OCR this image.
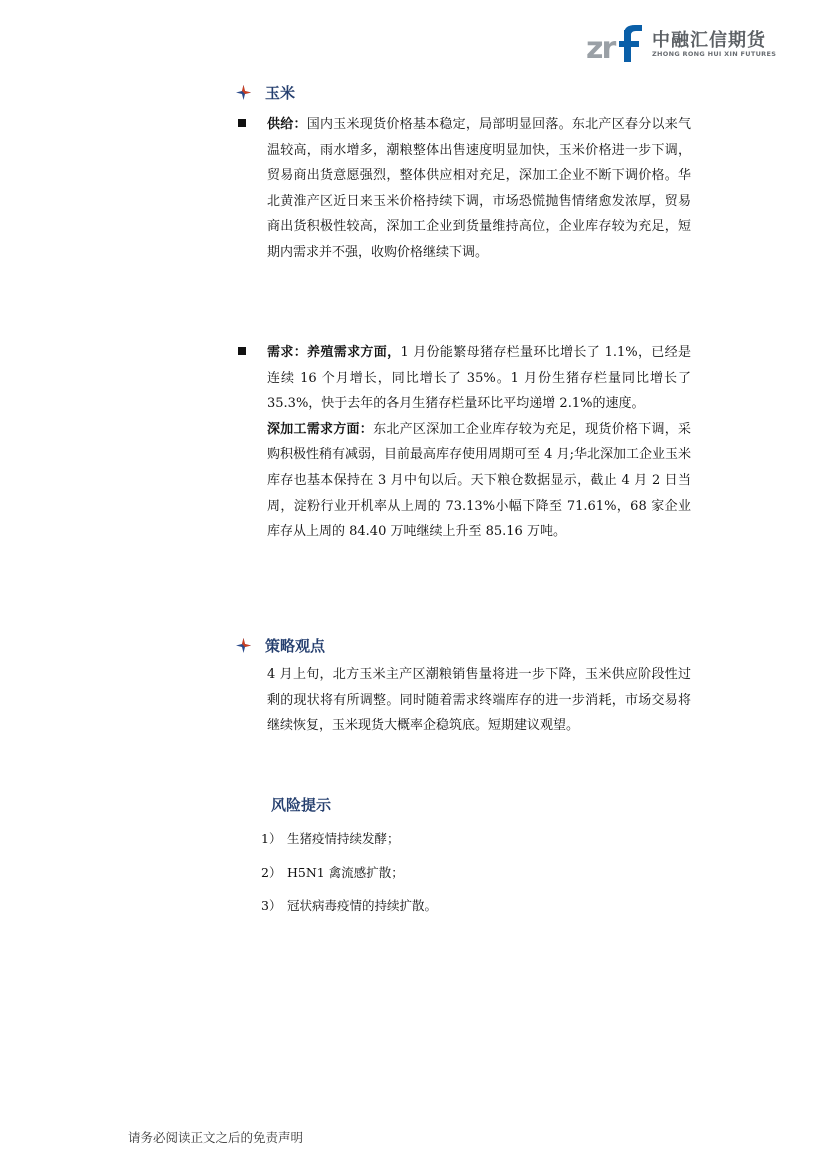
zr 中融汇信期货
ZHONG RONG HUI XIN FUTURES
玉米
供给：国内玉米现货价格基本稳定，局部明显回落。东北产区春分以来气温较高，雨水增多，潮粮整体出售速度明显加快，玉米价格进一步下调，贸易商出货意愿强烈，整体供应相对充足，深加工企业不断下调价格。华北黄淮产区近日来玉米价格持续下调，市场恐慌抛售情绪愈发浓厚，贸易商出货积极性较高，深加工企业到货量维持高位，企业库存较为充足，短期内需求并不强，收购价格继续下调。
需求：养殖需求方面，1 月份能繁母猪存栏量环比增长了 1.1%，已经是连续 16 个月增长，同比增长了 35%。1 月份生猪存栏量同比增长了 35.3%，快于去年的各月生猪存栏量环比平均递增 2.1%的速度。
深加工需求方面：东北产区深加工企业库存较为充足，现货价格下调，采购积极性稍有减弱，目前最高库存使用周期可至 4 月;华北深加工企业玉米库存也基本保持在 3 月中旬以后。天下粮仓数据显示，截止 4 月 2 日当周，淀粉行业开机率从上周的 73.13%小幅下降至 71.61%，68 家企业库存从上周的 84.40 万吨继续上升至 85.16 万吨。
策略观点
4 月上旬，北方玉米主产区潮粮销售量将进一步下降，玉米供应阶段性过剩的现状将有所调整。同时随着需求终端库存的进一步消耗，市场交易将继续恢复，玉米现货大概率企稳筑底。短期建议观望。
风险提示
1） 生猪疫情持续发酵；
2） H5N1 禽流感扩散；
3） 冠状病毒疫情的持续扩散。
请务必阅读正文之后的免责声明
